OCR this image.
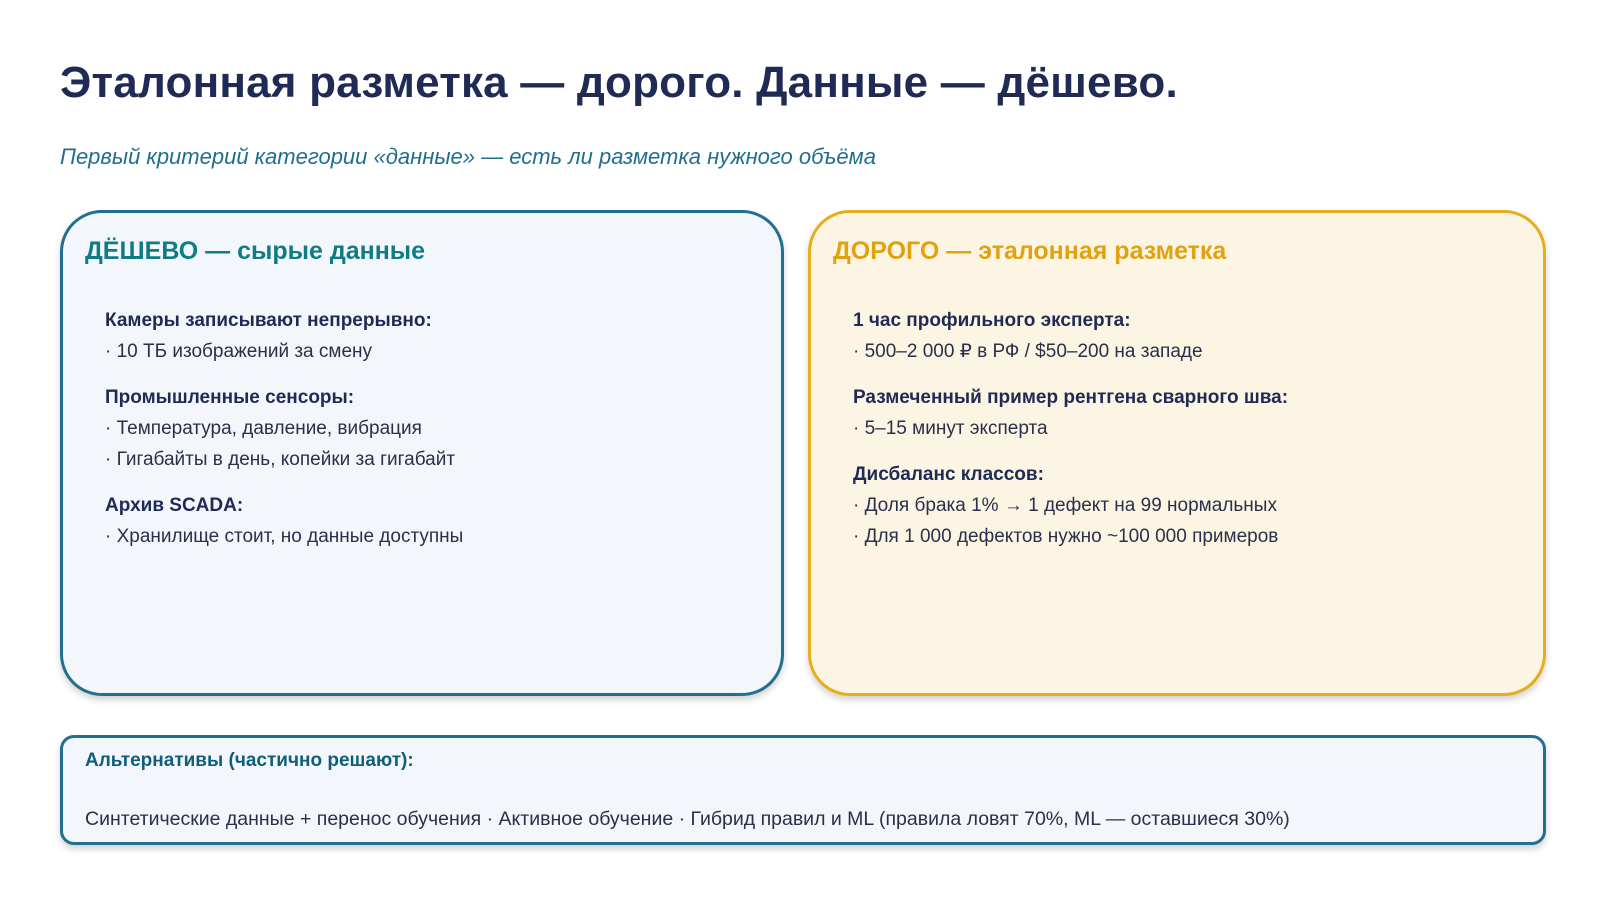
Эталонная разметка — дорого. Данные — дёшево.

Первый критерий категории «данные» — есть ли разметка нужного объёма

ДЁШЕВО — сырые данные
Камеры записывают непрерывно:
· 10 ТБ изображений за смену
Промышленные сенсоры:
· Температура, давление, вибрация
· Гигабайты в день, копейки за гигабайт
Архив SCADA:
· Хранилище стоит, но данные доступны
ДОРОГО — эталонная разметка
1 час профильного эксперта:
· 500–2 000 ₽ в РФ / $50–200 на западе
Размеченный пример рентгена сварного шва:
· 5–15 минут эксперта
Дисбаланс классов:
· Доля брака 1% → 1 дефект на 99 нормальных
· Для 1 000 дефектов нужно ~100 000 примеров
Альтернативы (частично решают):
Синтетические данные + перенос обучения · Активное обучение · Гибрид правил и ML (правила ловят 70%, ML — оставшиеся 30%)
